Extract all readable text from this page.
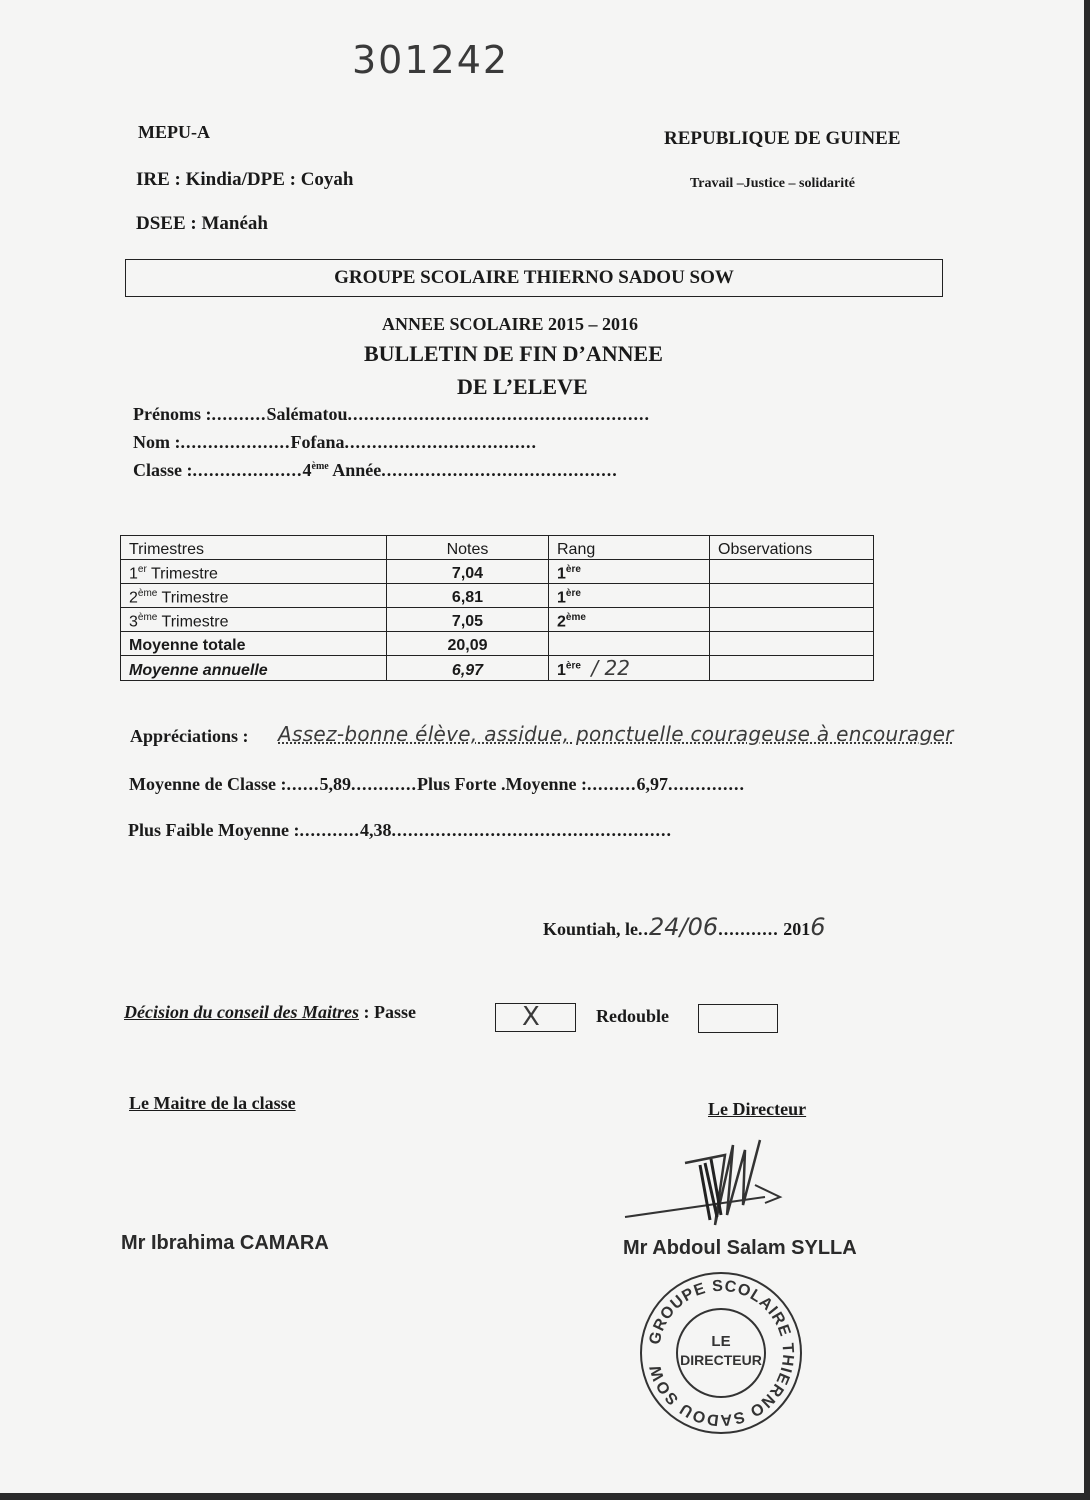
301242
MEPU-A
IRE : Kindia/DPE : Coyah
DSEE : Manéah
REPUBLIQUE DE GUINEE
Travail –Justice – solidarité
GROUPE SCOLAIRE THIERNO SADOU SOW
ANNEE SCOLAIRE 2015 – 2016
BULLETIN DE FIN D’ANNEE
DE L’ELEVE
Prénoms :..........Salématou.......................................................
Nom :....................Fofana...................................
Classe :....................4ème Année...........................................
Trimestres	Notes	Rang	Observations
1er Trimestre	7,04	1ère	
2ème Trimestre	6,81	1ère	
3ème Trimestre	7,05	2ème	
Moyenne totale	20,09		
Moyenne annuelle	6,97	1ère / 22	
Appréciations : Assez-bonne élève, assidue, ponctuelle courageuse à encourager
Moyenne de Classe :......5,89............Plus Forte .Moyenne :.........6,97..............
Plus Faible Moyenne :...........4,38...................................................
Kountiah, le..24/06........... 2016
Décision du conseil des Maitres : Passe	X	Redouble
Le Maitre de la classe	Le Directeur
Mr Ibrahima CAMARA	Mr Abdoul Salam SYLLA
GROUPE SCOLAIRE THIERNO SADOU SOW
LE
DIRECTEUR
